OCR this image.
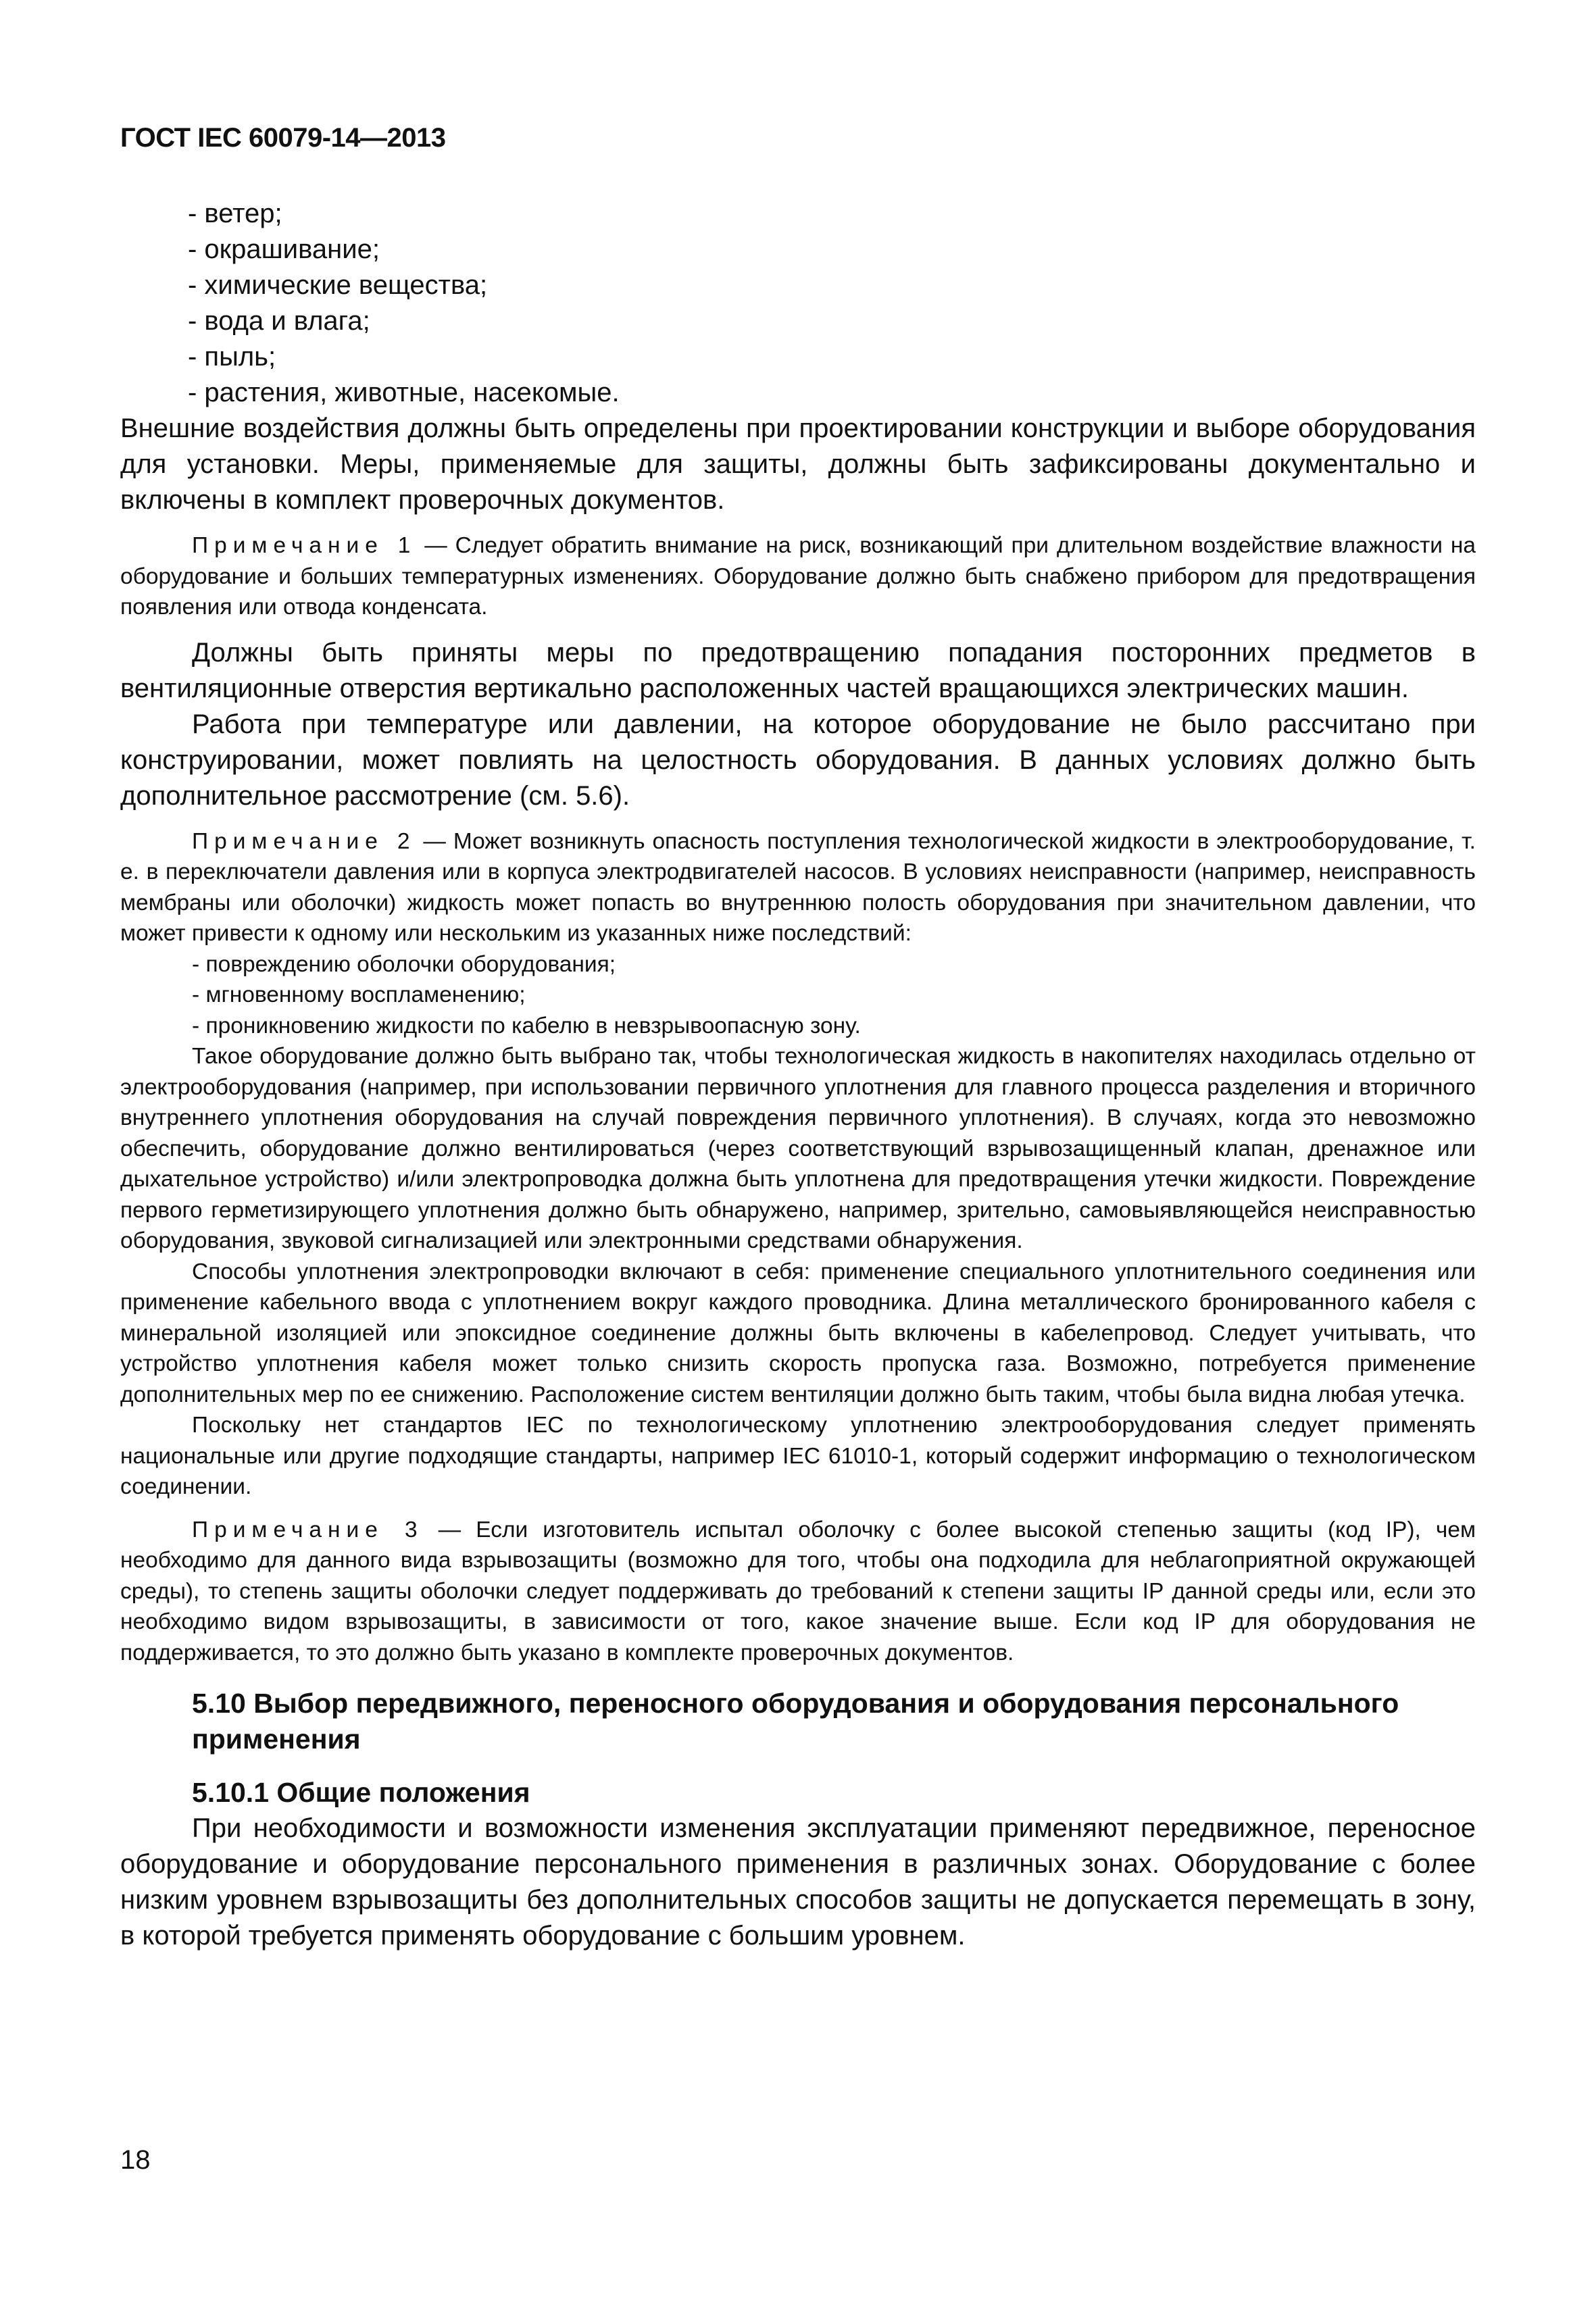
ГОСТ IEC 60079-14—2013
- ветер;
- окрашивание;
- химические вещества;
- вода и влага;
- пыль;
- растения, животные, насекомые.

Внешние воздействия должны быть определены при проектировании конструкции и выборе оборудования для установки. Меры, применяемые для защиты, должны быть зафиксированы документально и включены в комплект проверочных документов.

Примечание 1 — Следует обратить внимание на риск, возникающий при длительном воздействие влажности на оборудование и больших температурных изменениях. Оборудование должно быть снабжено прибором для предотвращения появления или отвода конденсата.

Должны быть приняты меры по предотвращению попадания посторонних предметов в вентиляционные отверстия вертикально расположенных частей вращающихся электрических машин.

Работа при температуре или давлении, на которое оборудование не было рассчитано при конструировании, может повлиять на целостность оборудования. В данных условиях должно быть дополнительное рассмотрение (см. 5.6).

Примечание 2 — Может возникнуть опасность поступления технологической жидкости в электрооборудование, т. е. в переключатели давления или в корпуса электродвигателей насосов. В условиях неисправности (например, неисправность мембраны или оболочки) жидкость может попасть во внутреннюю полость оборудования при значительном давлении, что может привести к одному или нескольким из указанных ниже последствий:

- повреждению оболочки оборудования;
- мгновенному воспламенению;
- проникновению жидкости по кабелю в невзрывоопасную зону.

Такое оборудование должно быть выбрано так, чтобы технологическая жидкость в накопителях находилась отдельно от электрооборудования (например, при использовании первичного уплотнения для главного процесса разделения и вторичного внутреннего уплотнения оборудования на случай повреждения первичного уплотнения). В случаях, когда это невозможно обеспечить, оборудование должно вентилироваться (через соответствующий взрывозащищенный клапан, дренажное или дыхательное устройство) и/или электропроводка должна быть уплотнена для предотвращения утечки жидкости. Повреждение первого герметизирующего уплотнения должно быть обнаружено, например, зрительно, самовыявляющейся неисправностью оборудования, звуковой сигнализацией или электронными средствами обнаружения.

Способы уплотнения электропроводки включают в себя: применение специального уплотнительного соединения или применение кабельного ввода с уплотнением вокруг каждого проводника. Длина металлического бронированного кабеля с минеральной изоляцией или эпоксидное соединение должны быть включены в кабелепровод. Следует учитывать, что устройство уплотнения кабеля может только снизить скорость пропуска газа. Возможно, потребуется применение дополнительных мер по ее снижению. Расположение систем вентиляции должно быть таким, чтобы была видна любая утечка.

Поскольку нет стандартов IEC по технологическому уплотнению электрооборудования следует применять национальные или другие подходящие стандарты, например IEC 61010-1, который содержит информацию о технологическом соединении.

Примечание 3 — Если изготовитель испытал оболочку с более высокой степенью защиты (код IP), чем необходимо для данного вида взрывозащиты (возможно для того, чтобы она подходила для неблагоприятной окружающей среды), то степень защиты оболочки следует поддерживать до требований к степени защиты IP данной среды или, если это необходимо видом взрывозащиты, в зависимости от того, какое значение выше. Если код IP для оборудования не поддерживается, то это должно быть указано в комплекте проверочных документов.

5.10 Выбор передвижного, переносного оборудования и оборудования персонального применения
5.10.1 Общие положения

При необходимости и возможности изменения эксплуатации применяют передвижное, переносное оборудование и оборудование персонального применения в различных зонах. Оборудование с более низким уровнем взрывозащиты без дополнительных способов защиты не допускается перемещать в зону, в которой требуется применять оборудование с большим уровнем.

18
